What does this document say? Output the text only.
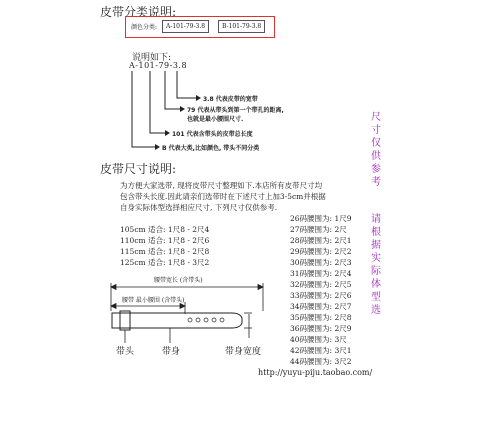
皮带分类说明:
颜色分类:	A-101-79-3.8	B-101-79-3.8
说明如下:
A-101-79-3.8
3.8 代表皮带的宽带
79 代表从带头到第一个带孔的距离,
也就是最小腰围尺寸.
101 代表含带头的皮带总长度
B 代表大类,比如颜色, 带头不同分类
尺寸仅供参考
请根据实际体型选
皮带尺寸说明:
为方便大家选带, 现将皮带尺寸整理如下.本店所有皮带尺寸均
包含带头长度.因此请亲们选带时在下述尺寸上加3-5cm并根据
自身实际体型选择相应尺寸, 下列尺寸仅供参考.
105cm 适合: 1尺8 - 2尺4
110cm 适合: 1尺8 - 2尺6
115cm 适合: 1尺8 - 2尺8
125cm 适合: 1尺8 - 3尺2
26码腰围为: 1尺9
27码腰围为: 2尺
28码腰围为: 2尺1
29码腰围为: 2尺2
30码腰围为: 2尺3
31码腰围为: 2尺4
32码腰围为: 2尺5
33码腰围为: 2尺6
34码腰围为: 2尺7
35码腰围为: 2尺8
36码腰围为: 2尺9
40码腰围为: 3尺
42码腰围为: 3尺1
44码腰围为: 3尺2
腰带宽长 (含带头)
腰带 最小腰围 (含带头)
带头	带身	带身宽度
http://yuyu-piju.taobao.com/
